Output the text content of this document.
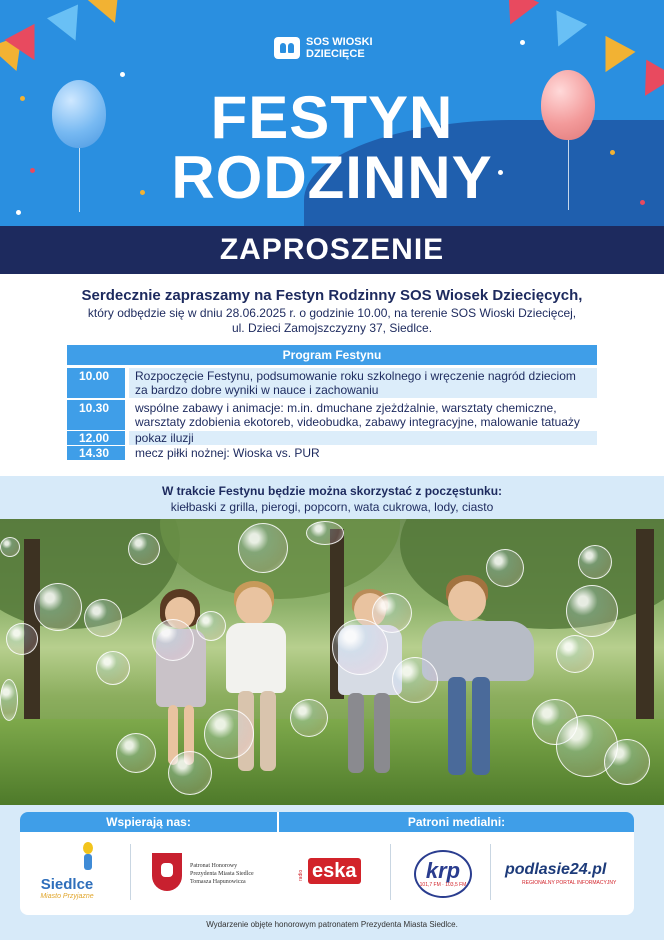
SOS WIOSKI
DZIECIĘCE
FESTYN
RODZINNY
ZAPROSZENIE
Serdecznie zapraszamy na Festyn Rodzinny SOS Wiosek Dziecięcych,
który odbędzie się w dniu 28.06.2025 r. o godzinie 10.00, na terenie SOS Wioski Dziecięcej,
ul. Dzieci Zamojszczyzny 37, Siedlce.
Program Festynu
10.00	Rozpoczęcie Festynu, podsumowanie roku szkolnego i wręczenie nagród dzieciom
za bardzo dobre wyniki w nauce i zachowaniu
10.30	wspólne zabawy i animacje: m.in. dmuchane zjeżdżalnie, warsztaty chemiczne,
warsztaty zdobienia ekotoreb, videobudka, zabawy integracyjne, malowanie tatuaży
12.00	pokaz iluzji
14.30	mecz piłki nożnej: Wioska vs. PUR
W trakcie Festynu będzie można skorzystać z poczęstunku:
kiełbaski z grilla, pierogi, popcorn, wata cukrowa, lody, ciasto
Wspierają nas:	Patroni medialni:
Siedlce
Miasto Przyjazne
Patronat Honorowy
Prezydenta Miasta Siedlce
Tomasza Hapunowicza
radio eska	krp
101,7 FM · 103,5 FM
podlasie24.pl
REGIONALNY PORTAL INFORMACYJNY
Wydarzenie objęte honorowym patronatem Prezydenta Miasta Siedlce.
